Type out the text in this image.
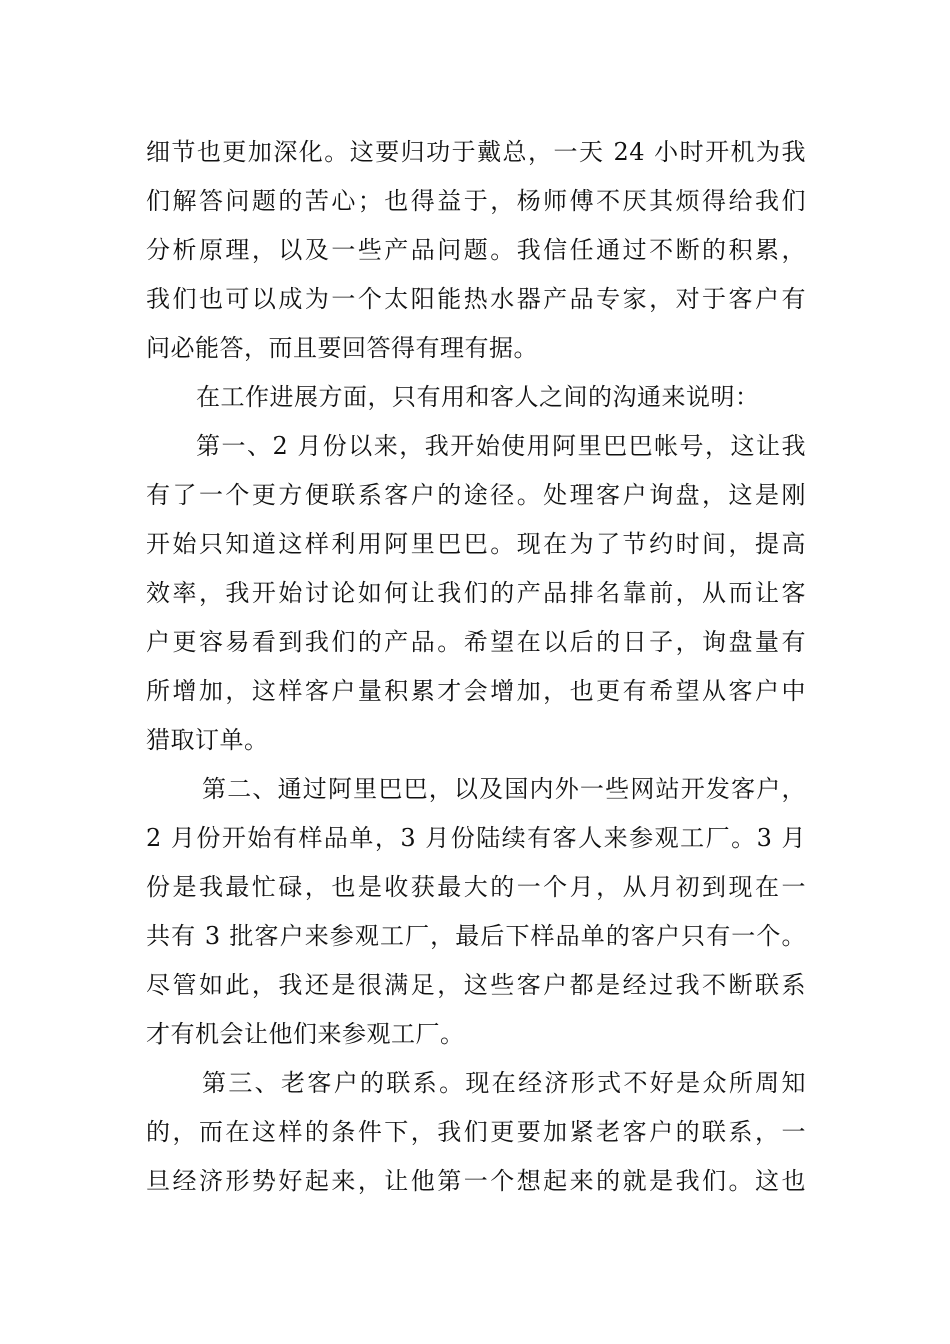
细节也更加深化。这要归功于戴总，一天 24 小时开机为我
们解答问题的苦心；也得益于，杨师傅不厌其烦得给我们
分析原理，以及一些产品问题。我信任通过不断的积累，
我们也可以成为一个太阳能热水器产品专家，对于客户有
问必能答，而且要回答得有理有据。
在工作进展方面，只有用和客人之间的沟通来说明：
第一、2 月份以来，我开始使用阿里巴巴帐号，这让我
有了一个更方便联系客户的途径。处理客户询盘，这是刚
开始只知道这样利用阿里巴巴。现在为了节约时间，提高
效率，我开始讨论如何让我们的产品排名靠前，从而让客
户更容易看到我们的产品。希望在以后的日子，询盘量有
所增加，这样客户量积累才会增加，也更有希望从客户中
猎取订单。
第二、通过阿里巴巴，以及国内外一些网站开发客户，
2 月份开始有样品单，3 月份陆续有客人来参观工厂。3 月
份是我最忙碌，也是收获最大的一个月，从月初到现在一
共有 3 批客户来参观工厂，最后下样品单的客户只有一个。
尽管如此，我还是很满足，这些客户都是经过我不断联系
才有机会让他们来参观工厂。
第三、老客户的联系。现在经济形式不好是众所周知
的，而在这样的条件下，我们更要加紧老客户的联系，一
旦经济形势好起来，让他第一个想起来的就是我们。这也
